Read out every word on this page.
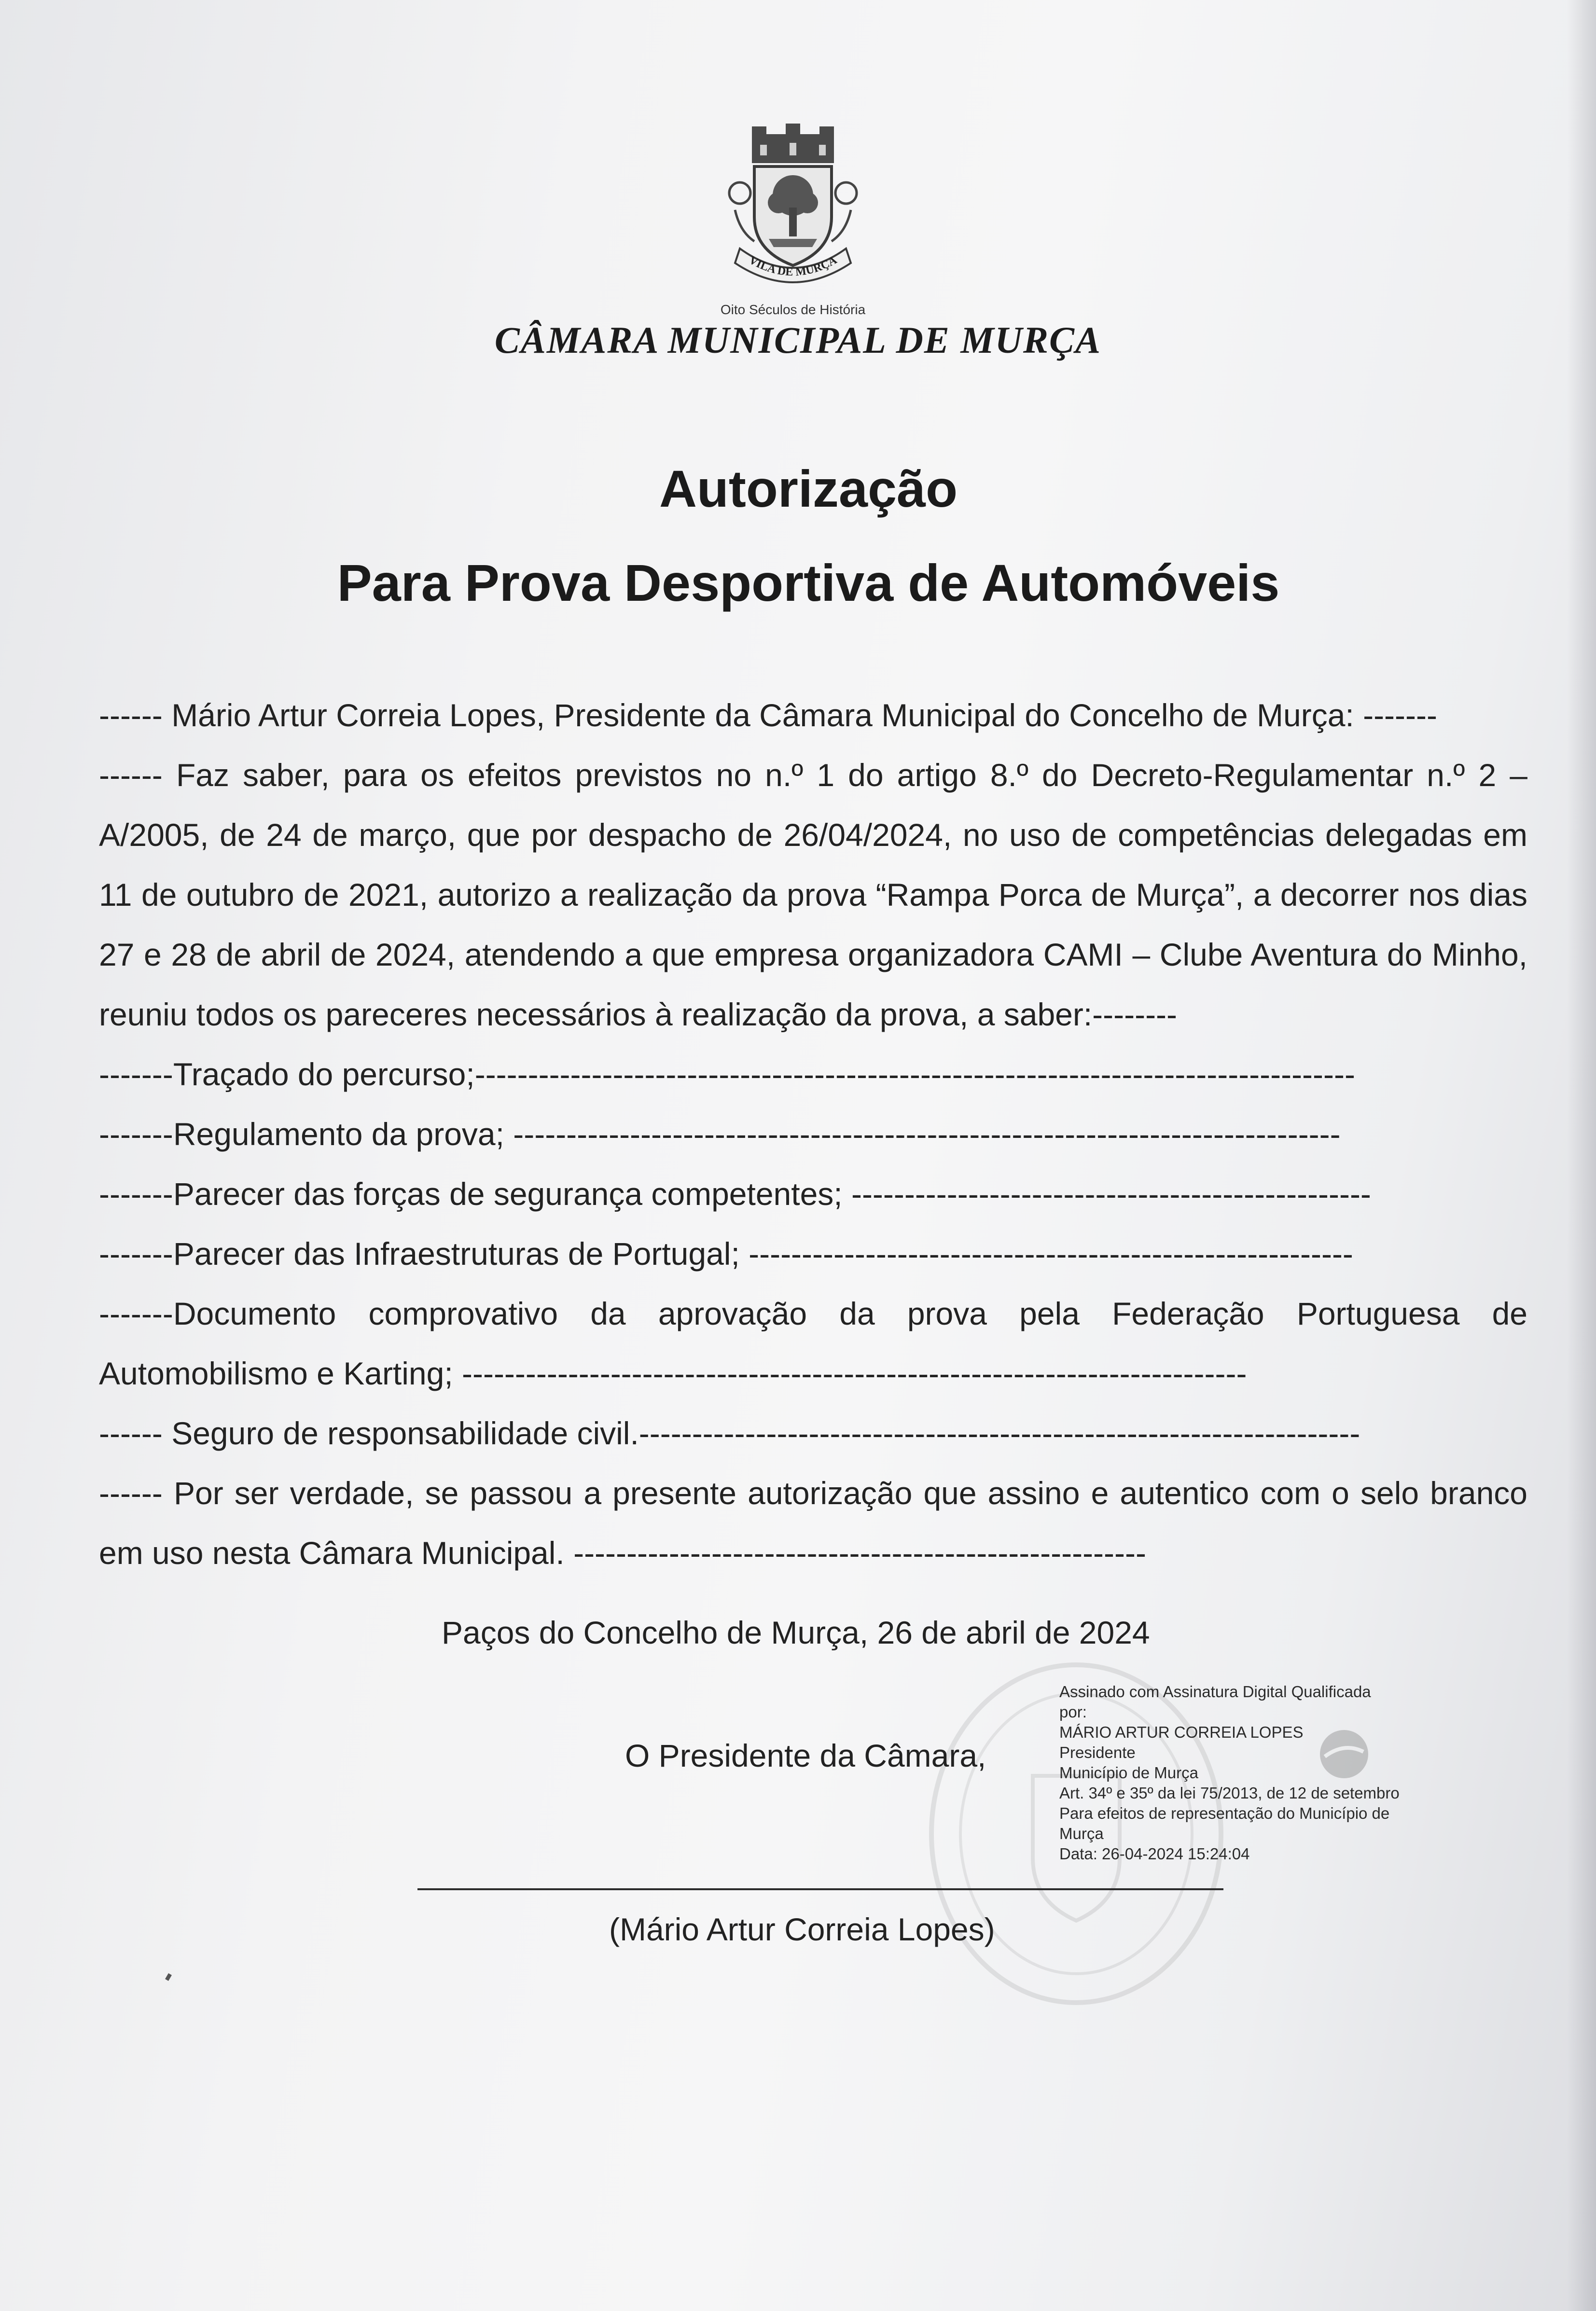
VILA DE MURÇA
Oito Séculos de História
CÂMARA MUNICIPAL DE MURÇA
Autorização
Para Prova Desportiva de Automóveis

------ Mário Artur Correia Lopes, Presidente da Câmara Municipal do Concelho de Murça: -------

------ Faz saber, para os efeitos previstos no n.º 1 do artigo 8.º do Decreto-Regulamentar n.º 2 – A/2005, de 24 de março, que por despacho de 26/04/2024, no uso de competências delegadas em 11 de outubro de 2021, autorizo a realização da prova “Rampa Porca de Murça”, a decorrer nos dias 27 e 28 de abril de 2024, atendendo a que empresa organizadora CAMI – Clube Aventura do Minho, reuniu todos os pareceres necessários à realização da prova, a saber:--------

-------Traçado do percurso;-----------------------------------------------------------------------------------

-------Regulamento da prova; ------------------------------------------------------------------------------

-------Parecer das forças de segurança competentes; -------------------------------------------------

-------Parecer das Infraestruturas de Portugal; ---------------------------------------------------------

-------Documento comprovativo da aprovação da prova pela Federação Portuguesa de Automobilismo e Karting; --------------------------------------------------------------------------

------ Seguro de responsabilidade civil.--------------------------------------------------------------------

------ Por ser verdade, se passou a presente autorização que assino e autentico com o selo branco em uso nesta Câmara Municipal. ------------------------------------------------------

Paços do Concelho de Murça, 26 de abril de 2024
O Presidente da Câmara,
Assinado com Assinatura Digital Qualificada
por:
MÁRIO ARTUR CORREIA LOPES
Presidente
Município de Murça
Art. 34º e 35º da lei 75/2013, de 12 de setembro
Para efeitos de representação do Município de
Murça
Data: 26-04-2024 15:24:04
(Mário Artur Correia Lopes)
